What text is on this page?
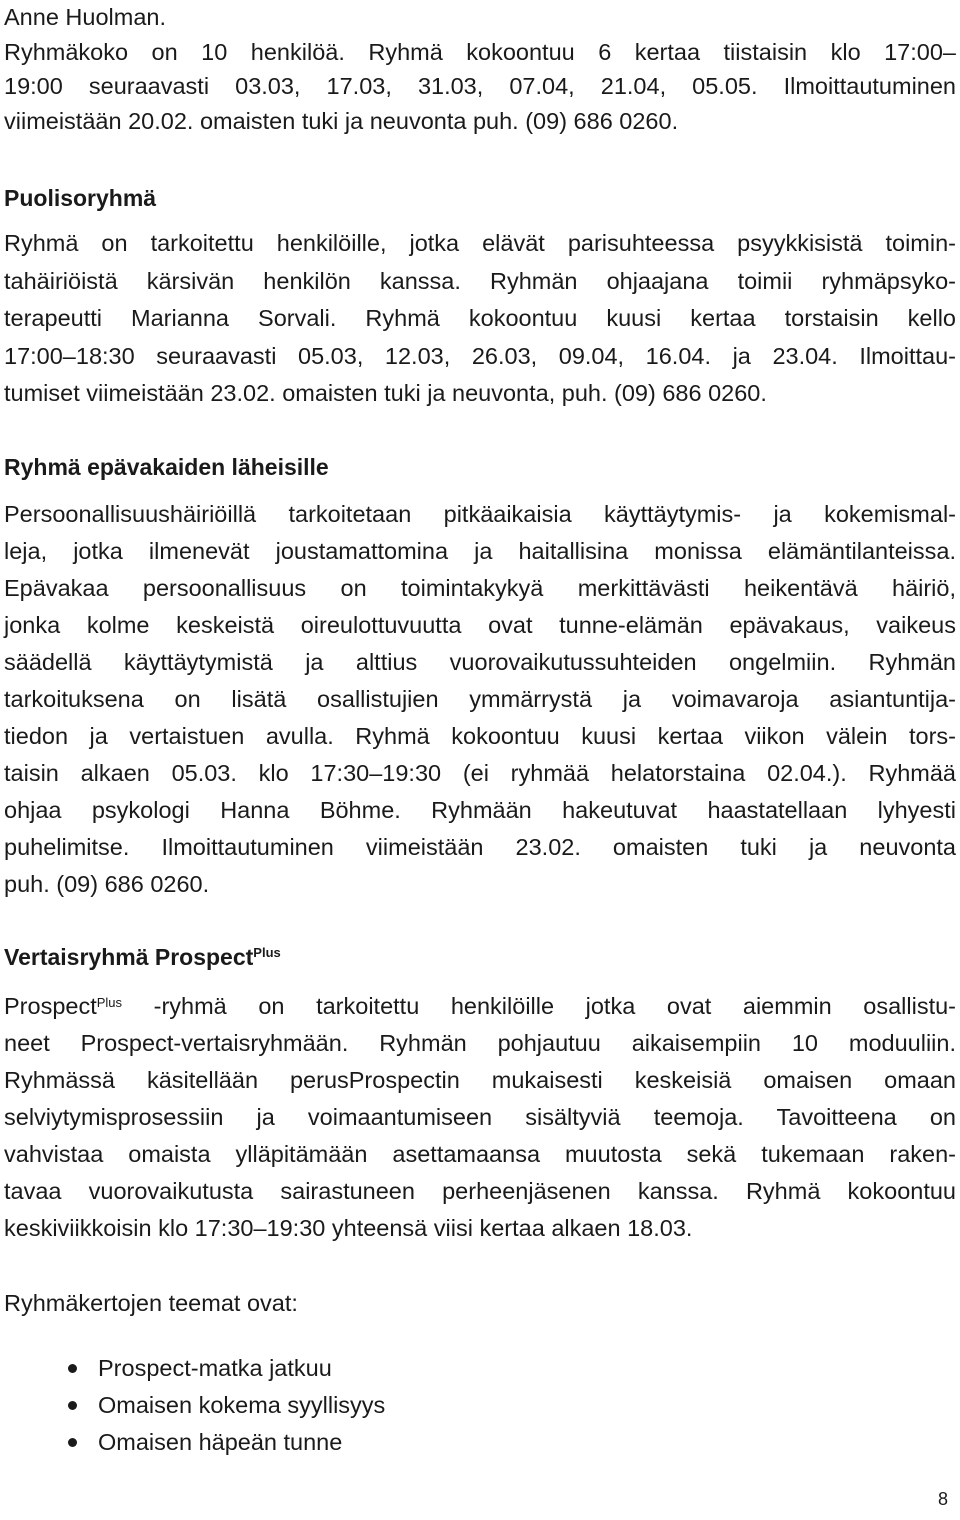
Anne Huolman.
Ryhmäkoko on 10 henkilöä. Ryhmä kokoontuu 6 kertaa tiistaisin klo 17:00–
19:00 seuraavasti 03.03, 17.03, 31.03, 07.04, 21.04, 05.05. Ilmoittautuminen
viimeistään 20.02. omaisten tuki ja neuvonta puh. (09) 686 0260.
Puolisoryhmä
Ryhmä on tarkoitettu henkilöille, jotka elävät parisuhteessa psyykkisistä toimin-
tahäiriöistä kärsivän henkilön kanssa. Ryhmän ohjaajana toimii ryhmäpsyko-
terapeutti Marianna Sorvali. Ryhmä kokoontuu kuusi kertaa torstaisin kello
17:00–18:30 seuraavasti 05.03, 12.03, 26.03, 09.04, 16.04. ja 23.04. Ilmoittau-
tumiset viimeistään 23.02. omaisten tuki ja neuvonta, puh. (09) 686 0260.
Ryhmä epävakaiden läheisille
Persoonallisuushäiriöillä tarkoitetaan pitkäaikaisia käyttäytymis- ja kokemismal-
leja, jotka ilmenevät joustamattomina ja haitallisina monissa elämäntilanteissa.
Epävakaa persoonallisuus on toimintakykyä merkittävästi heikentävä häiriö,
jonka kolme keskeistä oireulottuvuutta ovat tunne-elämän epävakaus, vaikeus
säädellä käyttäytymistä ja alttius vuorovaikutussuhteiden ongelmiin. Ryhmän
tarkoituksena on lisätä osallistujien ymmärrystä ja voimavaroja asiantuntija-
tiedon ja vertaistuen avulla. Ryhmä kokoontuu kuusi kertaa viikon välein tors-
taisin alkaen 05.03. klo 17:30–19:30 (ei ryhmää helatorstaina 02.04.). Ryhmää
ohjaa psykologi Hanna Böhme. Ryhmään hakeutuvat haastatellaan lyhyesti
puhelimitse. Ilmoittautuminen viimeistään 23.02. omaisten tuki ja neuvonta
puh. (09) 686 0260.
Vertaisryhmä Prospect$^{Plus}$
Prospect$^{Plus}$ -ryhmä on tarkoitettu henkilöille jotka ovat aiemmin osallistu-
neet Prospect-vertaisryhmään. Ryhmän pohjautuu aikaisempiin 10 moduuliin.
Ryhmässä käsitellään perusProspectin mukaisesti keskeisiä omaisen omaan
selviytymisprosessiin ja voimaantumiseen sisältyviä teemoja. Tavoitteena on
vahvistaa omaista ylläpitämään asettamaansa muutosta sekä tukemaan raken-
tavaa vuorovaikutusta sairastuneen perheenjäsenen kanssa. Ryhmä kokoontuu
keskiviikkoisin klo 17:30–19:30 yhteensä viisi kertaa alkaen 18.03.

Ryhmäkertojen teemat ovat:

Prospect-matka jatkuu
Omaisen kokema syyllisyys
Omaisen häpeän tunne
8
